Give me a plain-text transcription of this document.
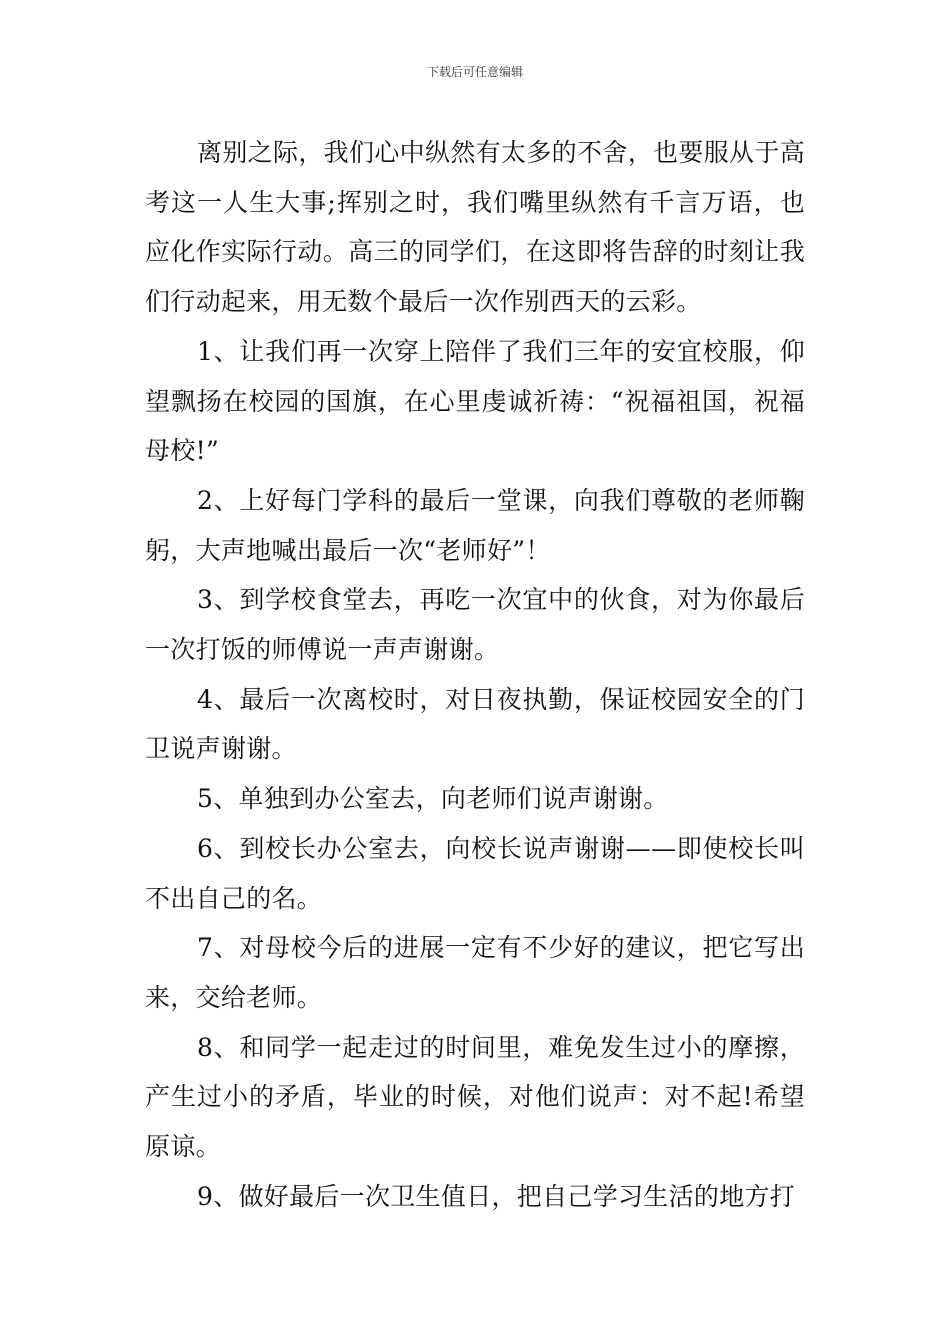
下载后可任意编辑

离别之际，我们心中纵然有太多的不舍，也要服从于高考这一人生大事;挥别之时，我们嘴里纵然有千言万语，也应化作实际行动。高三的同学们，在这即将告辞的时刻让我们行动起来，用无数个最后一次作别西天的云彩。

1、让我们再一次穿上陪伴了我们三年的安宜校服，仰望飘扬在校园的国旗，在心里虔诚祈祷：“祝福祖国，祝福母校!”

2、上好每门学科的最后一堂课，向我们尊敬的老师鞠躬，大声地喊出最后一次“老师好”！

3、到学校食堂去，再吃一次宜中的伙食，对为你最后一次打饭的师傅说一声声谢谢。

4、最后一次离校时，对日夜执勤，保证校园安全的门卫说声谢谢。

5、单独到办公室去，向老师们说声谢谢。

6、到校长办公室去，向校长说声谢谢——即使校长叫不出自己的名。

7、对母校今后的进展一定有不少好的建议，把它写出来，交给老师。

8、和同学一起走过的时间里，难免发生过小的摩擦，产生过小的矛盾，毕业的时候，对他们说声：对不起!希望原谅。

9、做好最后一次卫生值日，把自己学习生活的地方打
